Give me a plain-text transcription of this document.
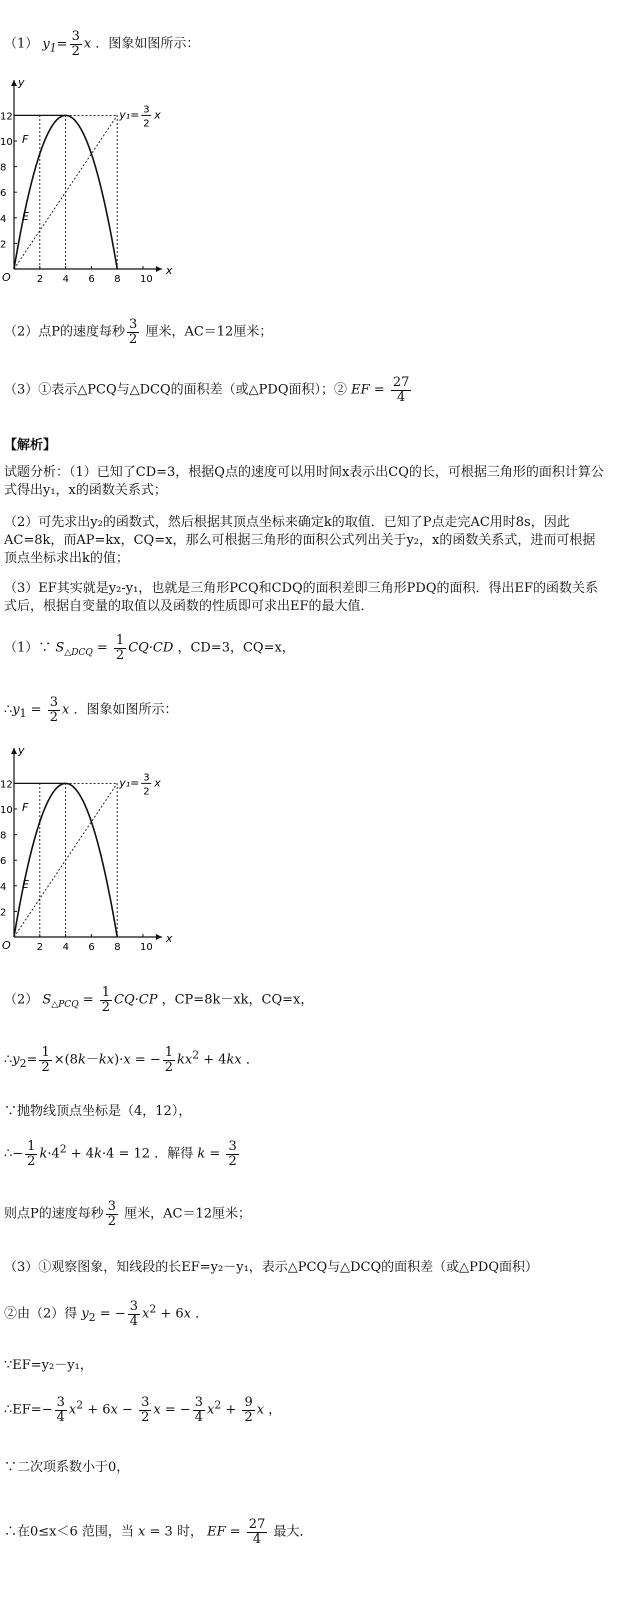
（1） $y_1= \frac{3}{2}$ x ．图象如图所示：
x
y
O	2 4 6 8 10
2
4
6
8
10
12
F
E
y₁= 3
2
x
（2）点P的速度每秒 $\frac{3}{2}$ 厘米，AC＝12厘米；
（3）①表示△PCQ与△DCQ的面积差（或△PDQ面积）；② EF = $\frac{27}{4}$
【解析】
试题分析：（1）已知了CD=3，根据Q点的速度可以用时间x表示出CQ的长，可根据三角形的面积计算公式得出y₁，x的函数关系式；
（2）可先求出y₂的函数式，然后根据其顶点坐标来确定k的取值．已知了P点走完AC用时8s，因此AC=8k，而AP=kx，CQ=x，那么可根据三角形的面积公式列出关于y₂，x的函数关系式，进而可根据顶点坐标求出k的值；
（3）EF其实就是y₂-y₁，也就是三角形PCQ和CDQ的面积差即三角形PDQ的面积．得出EF的函数关系式后，根据自变量的取值以及函数的性质即可求出EF的最大值．
（1）∵ $S_{\triangle DCQ} = \frac{1}{2} CQ\cdot CD$ ，CD=3，CQ=x，
$\therefore y_1 = \frac{3}{2}$ x ．图象如图所示：
x
y
O	2 4 6 8 10
2
4
6
8
10
12
F
E
y₁= 3
2
x
（2） $S_{\triangle PCQ} = \frac{1}{2} CQ\cdot CP$ ，CP=8k－xk，CQ=x，
$\therefore y_2= \frac{1}{2} \times(8k-kx)\cdot x$ = − $\frac{1}{2} kx^2 + 4kx$ ．
∵抛物线顶点坐标是（4，12），
∴− $\frac{1}{2} k\cdot 4^2 + 4k\cdot 4 = 12$ ．解得 $k = \frac{3}{2}$
则点P的速度每秒 $\frac{3}{2}$ 厘米，AC＝12厘米；
（3）①观察图象，知线段的长EF=y₂－y₁，表示△PCQ与△DCQ的面积差（或△PDQ面积）
②由（2）得 $y_2$ = − $\frac{3}{4} x^2 + 6x$ ．
∵EF=y₂－y₁，
∴EF=− $\frac{3}{4} x^2 + 6x - \frac{3}{2}$ x = − $\frac{3}{4} x^2 + \frac{9}{2}$ x ，
∵二次项系数小于0，
∴在0≤x＜6 范围，当 x = 3 时， EF = $\frac{27}{4}$ 最大．
